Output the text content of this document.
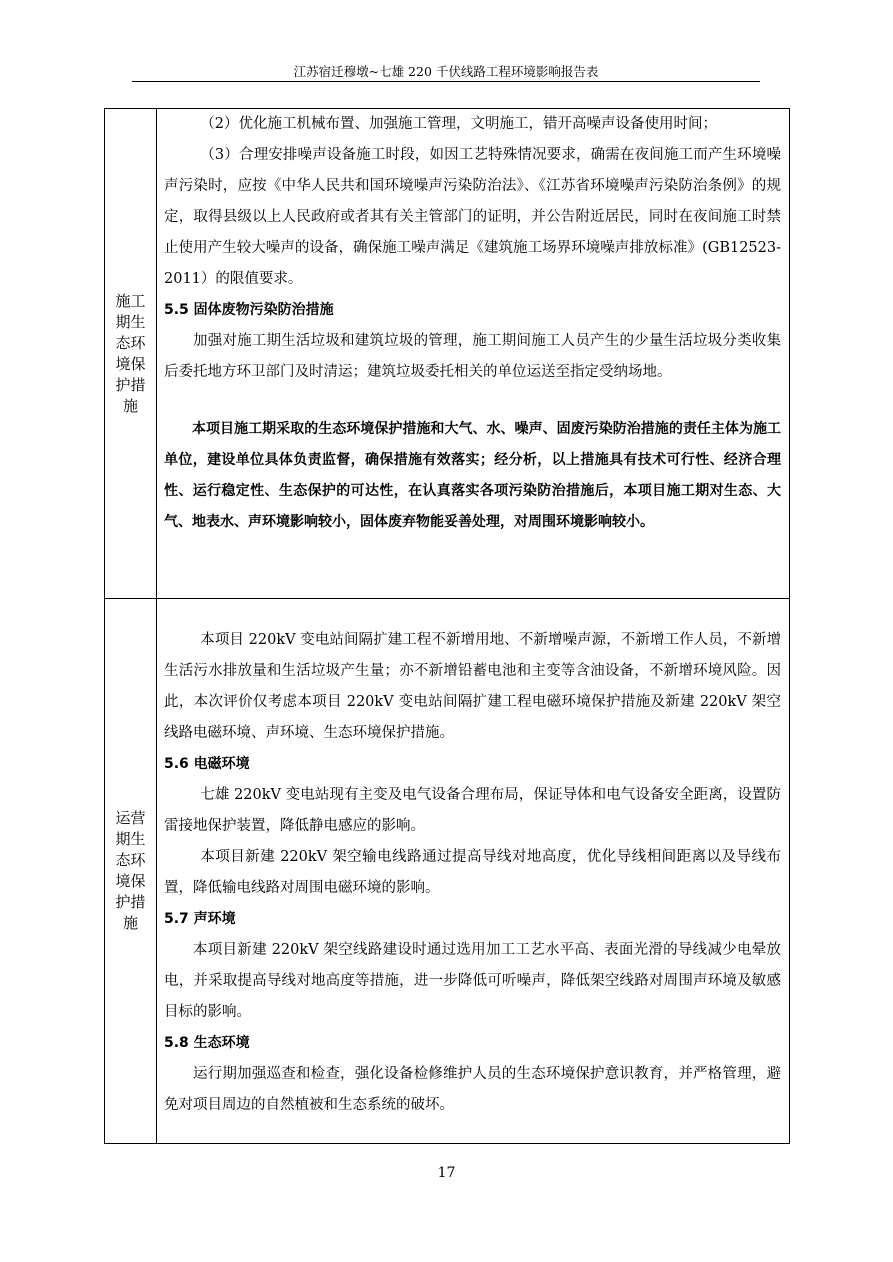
江苏宿迁穆墩~七雄 220 千伏线路工程环境影响报告表
施工期生态环境保护措施

（2）优化施工机械布置、加强施工管理，文明施工，错开高噪声设备使用时间；

（3）合理安排噪声设备施工时段，如因工艺特殊情况要求，确需在夜间施工而产生环境噪声污染时，应按《中华人民共和国环境噪声污染防治法》、《江苏省环境噪声污染防治条例》的规定，取得县级以上人民政府或者其有关主管部门的证明，并公告附近居民，同时在夜间施工时禁止使用产生较大噪声的设备，确保施工噪声满足《建筑施工场界环境噪声排放标准》(GB12523-2011）的限值要求。

5.5 固体废物污染防治措施

加强对施工期生活垃圾和建筑垃圾的管理，施工期间施工人员产生的少量生活垃圾分类收集后委托地方环卫部门及时清运；建筑垃圾委托相关的单位运送至指定受纳场地。

本项目施工期采取的生态环境保护措施和大气、水、噪声、固废污染防治措施的责任主体为施工单位，建设单位具体负责监督，确保措施有效落实；经分析，以上措施具有技术可行性、经济合理性、运行稳定性、生态保护的可达性，在认真落实各项污染防治措施后，本项目施工期对生态、大气、地表水、声环境影响较小，固体废弃物能妥善处理，对周围环境影响较小。

运营期生态环境保护措施

本项目 220kV 变电站间隔扩建工程不新增用地、不新增噪声源，不新增工作人员，不新增生活污水排放量和生活垃圾产生量；亦不新增铅蓄电池和主变等含油设备，不新增环境风险。因此，本次评价仅考虑本项目 220kV 变电站间隔扩建工程电磁环境保护措施及新建 220kV 架空线路电磁环境、声环境、生态环境保护措施。

5.6 电磁环境

七雄 220kV 变电站现有主变及电气设备合理布局，保证导体和电气设备安全距离，设置防雷接地保护装置，降低静电感应的影响。

本项目新建 220kV 架空输电线路通过提高导线对地高度，优化导线相间距离以及导线布置，降低输电线路对周围电磁环境的影响。

5.7 声环境

本项目新建 220kV 架空线路建设时通过选用加工工艺水平高、表面光滑的导线减少电晕放电，并采取提高导线对地高度等措施，进一步降低可听噪声，降低架空线路对周围声环境及敏感目标的影响。

5.8 生态环境

运行期加强巡查和检查，强化设备检修维护人员的生态环境保护意识教育，并严格管理，避免对项目周边的自然植被和生态系统的破坏。

17
